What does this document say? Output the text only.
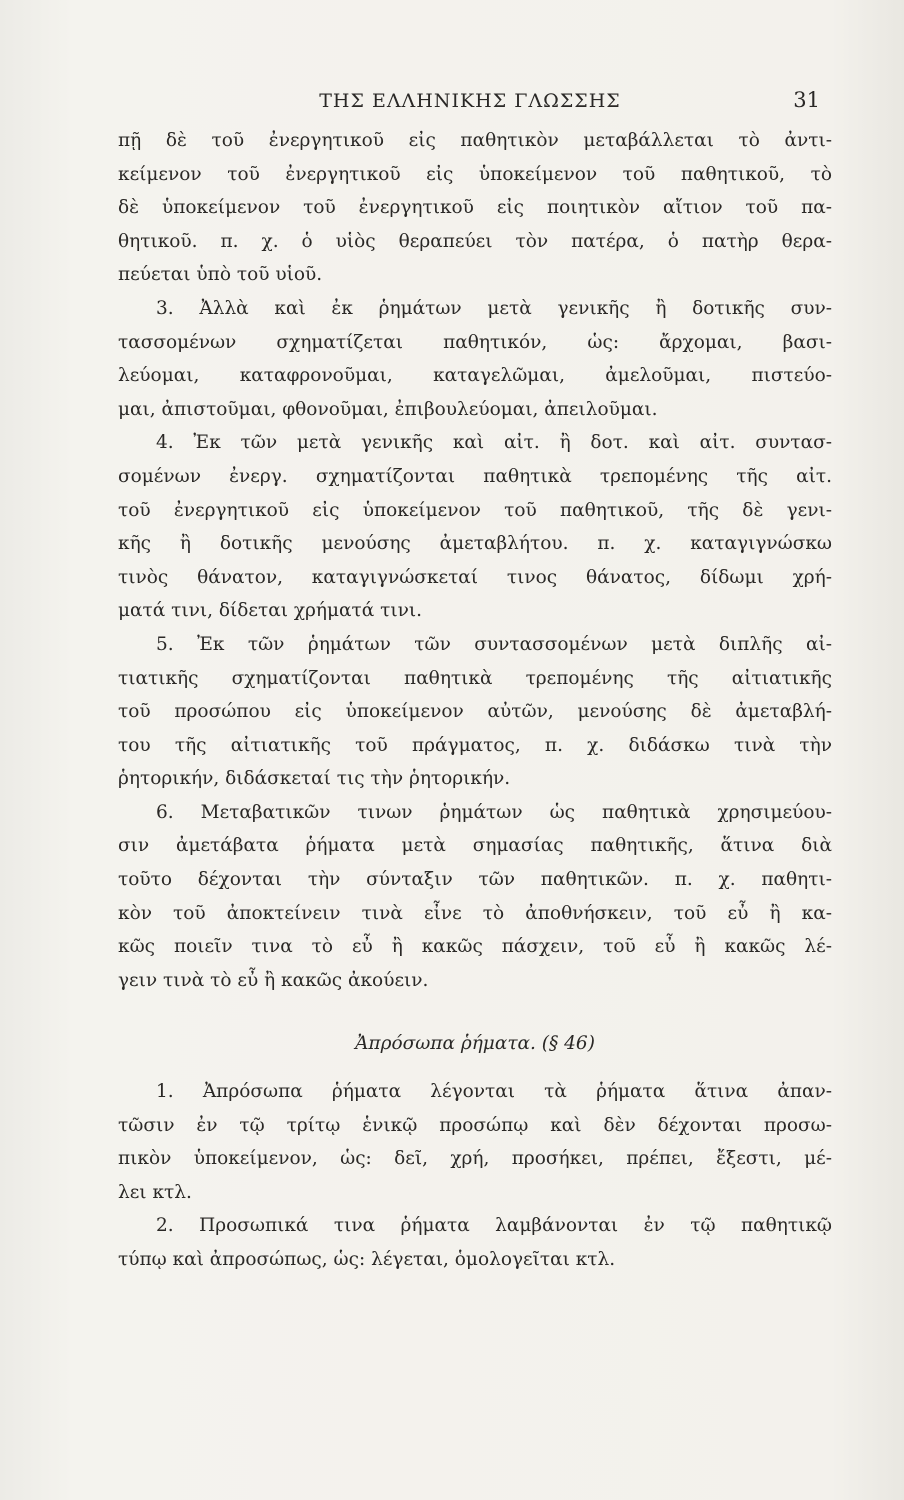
ΤΗΣ ΕΛΛΗΝΙΚΗΣ ΓΛΩΣΣΗΣ	31
πῇ δὲ τοῦ ἐνεργητικοῦ εἰς παθητικὸν μεταβάλλεται τὸ ἀντι-
κείμενον τοῦ ἐνεργητικοῦ εἰς ὑποκείμενον τοῦ παθητικοῦ, τὸ
δὲ ὑποκείμενον τοῦ ἐνεργητικοῦ εἰς ποιητικὸν αἴτιον τοῦ πα-
θητικοῦ. π. χ. ὁ υἱὸς θεραπεύει τὸν πατέρα, ὁ πατὴρ θερα-
πεύεται ὑπὸ τοῦ υἱοῦ.
3. Ἀλλὰ καὶ ἐκ ῥημάτων μετὰ γενικῆς ἢ δοτικῆς συν-
τασσομένων σχηματίζεται παθητικόν, ὡς: ἄρχομαι, βασι-
λεύομαι, καταφρονοῦμαι, καταγελῶμαι, ἀμελοῦμαι, πιστεύο-
μαι, ἀπιστοῦμαι, φθονοῦμαι, ἐπιβουλεύομαι, ἀπειλοῦμαι.
4. Ἐκ τῶν μετὰ γενικῆς καὶ αἰτ. ἢ δοτ. καὶ αἰτ. συντασ-
σομένων ἐνεργ. σχηματίζονται παθητικὰ τρεπομένης τῆς αἰτ.
τοῦ ἐνεργητικοῦ εἰς ὑποκείμενον τοῦ παθητικοῦ, τῆς δὲ γενι-
κῆς ἢ δοτικῆς μενούσης ἀμεταβλήτου. π. χ. καταγιγνώσκω
τινὸς θάνατον, καταγιγνώσκεταί τινος θάνατος, δίδωμι χρή-
ματά τινι, δίδεται χρήματά τινι.
5. Ἐκ τῶν ῥημάτων τῶν συντασσομένων μετὰ διπλῆς αἰ-
τιατικῆς σχηματίζονται παθητικὰ τρεπομένης τῆς αἰτιατικῆς
τοῦ προσώπου εἰς ὑποκείμενον αὐτῶν, μενούσης δὲ ἀμεταβλή-
του τῆς αἰτιατικῆς τοῦ πράγματος, π. χ. διδάσκω τινὰ τὴν
ῥητορικήν, διδάσκεταί τις τὴν ῥητορικήν.
6. Μεταβατικῶν τινων ῥημάτων ὡς παθητικὰ χρησιμεύου-
σιν ἀμετάβατα ῥήματα μετὰ σημασίας παθητικῆς, ἅτινα διὰ
τοῦτο δέχονται τὴν σύνταξιν τῶν παθητικῶν. π. χ. παθητι-
κὸν τοῦ ἀποκτείνειν τινὰ εἶνε τὸ ἀποθνήσκειν, τοῦ εὖ ἢ κα-
κῶς ποιεῖν τινα τὸ εὖ ἢ κακῶς πάσχειν, τοῦ εὖ ἢ κακῶς λέ-
γειν τινὰ τὸ εὖ ἢ κακῶς ἀκούειν.
Ἀπρόσωπα ῥήματα. (§ 46)
1. Ἀπρόσωπα ῥήματα λέγονται τὰ ῥήματα ἅτινα ἀπαν-
τῶσιν ἐν τῷ τρίτῳ ἑνικῷ προσώπῳ καὶ δὲν δέχονται προσω-
πικὸν ὑποκείμενον, ὡς: δεῖ, χρή, προσήκει, πρέπει, ἔξεστι, μέ-
λει κτλ.
2. Προσωπικά τινα ῥήματα λαμβάνονται ἐν τῷ παθητικῷ
τύπῳ καὶ ἀπροσώπως, ὡς: λέγεται, ὁμολογεῖται κτλ.
